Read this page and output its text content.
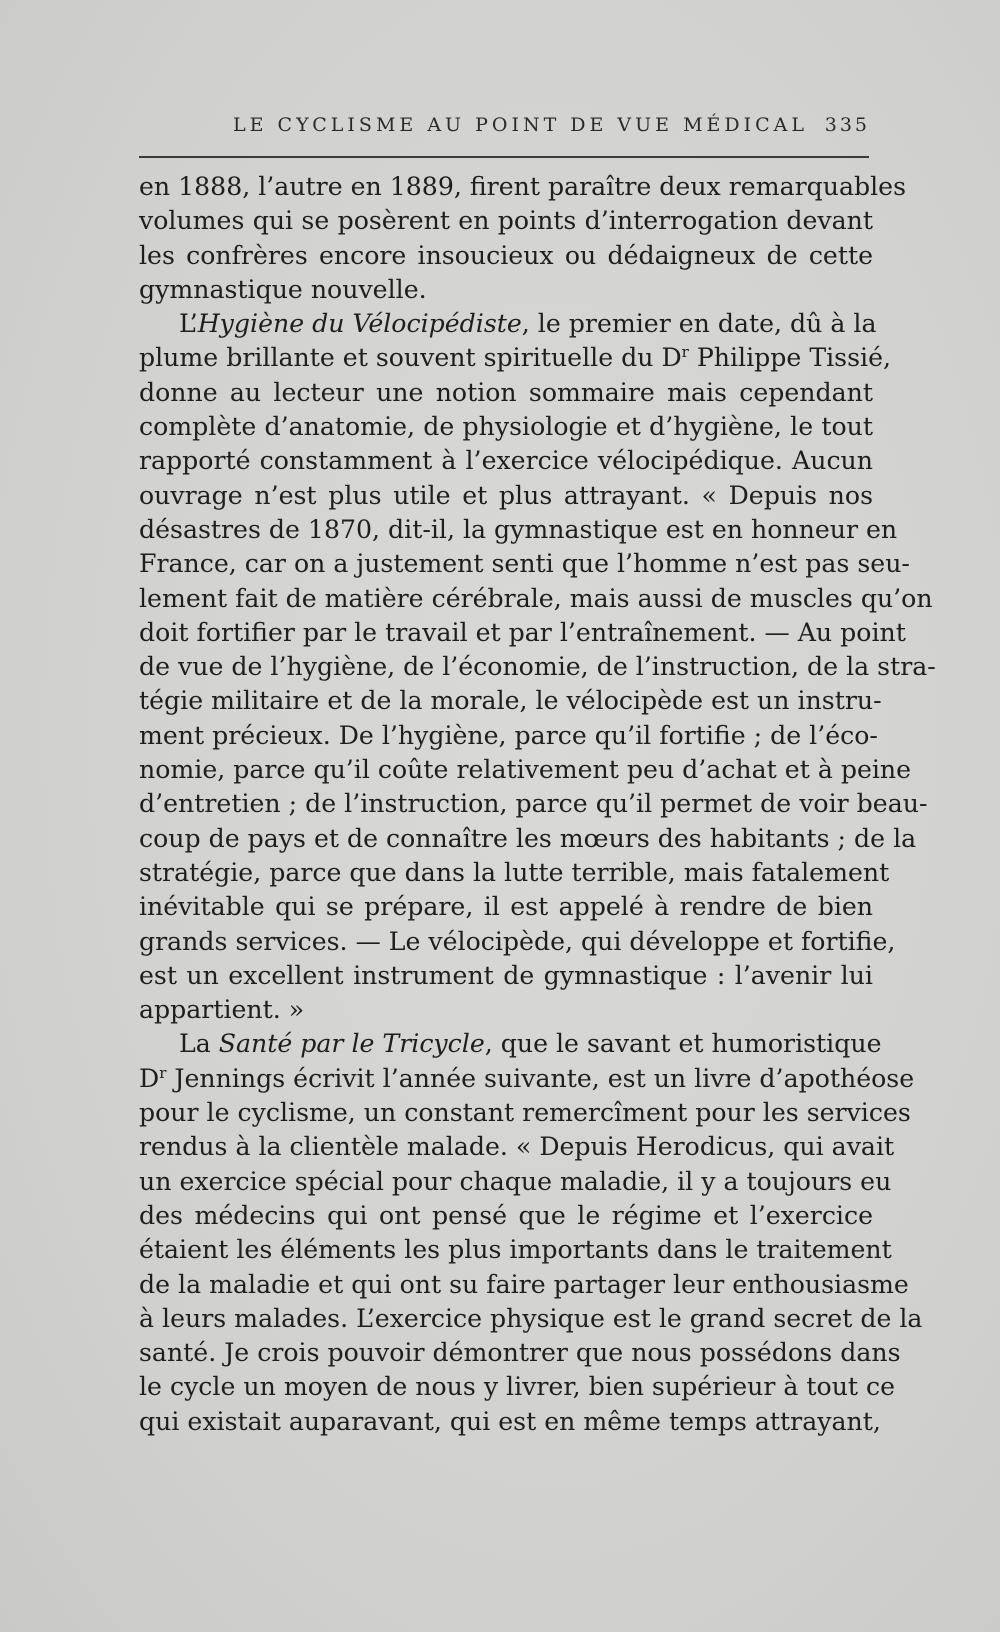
LE CYCLISME AU POINT DE VUE MÉDICAL 335
en 1888, l’autre en 1889, firent paraître deux remarquables
volumes qui se posèrent en points d’interrogation devant
les confrères encore insoucieux ou dédaigneux de cette
gymnastique nouvelle.
L’Hygiène du Vélocipédiste, le premier en date, dû à la
plume brillante et souvent spirituelle du $D^r$ Philippe Tissié,
donne au lecteur une notion sommaire mais cependant
complète d’anatomie, de physiologie et d’hygiène, le tout
rapporté constamment à l’exercice vélocipédique. Aucun
ouvrage n’est plus utile et plus attrayant. « Depuis nos
désastres de 1870, dit-il, la gymnastique est en honneur en
France, car on a justement senti que l’homme n’est pas seu-
lement fait de matière cérébrale, mais aussi de muscles qu’on
doit fortifier par le travail et par l’entraînement. — Au point
de vue de l’hygiène, de l’économie, de l’instruction, de la stra-
tégie militaire et de la morale, le vélocipède est un instru-
ment précieux. De l’hygiène, parce qu’il fortifie ; de l’éco-
nomie, parce qu’il coûte relativement peu d’achat et à peine
d’entretien ; de l’instruction, parce qu’il permet de voir beau-
coup de pays et de connaître les mœurs des habitants ; de la
stratégie, parce que dans la lutte terrible, mais fatalement
inévitable qui se prépare, il est appelé à rendre de bien
grands services. — Le vélocipède, qui développe et fortifie,
est un excellent instrument de gymnastique : l’avenir lui
appartient. »
La Santé par le Tricycle, que le savant et humoristique
$D^r$ Jennings écrivit l’année suivante, est un livre d’apothéose
pour le cyclisme, un constant remercîment pour les services
rendus à la clientèle malade. « Depuis Herodicus, qui avait
un exercice spécial pour chaque maladie, il y a toujours eu
des médecins qui ont pensé que le régime et l’exercice
étaient les éléments les plus importants dans le traitement
de la maladie et qui ont su faire partager leur enthousiasme
à leurs malades. L’exercice physique est le grand secret de la
santé. Je crois pouvoir démontrer que nous possédons dans
le cycle un moyen de nous y livrer, bien supérieur à tout ce
qui existait auparavant, qui est en même temps attrayant,
